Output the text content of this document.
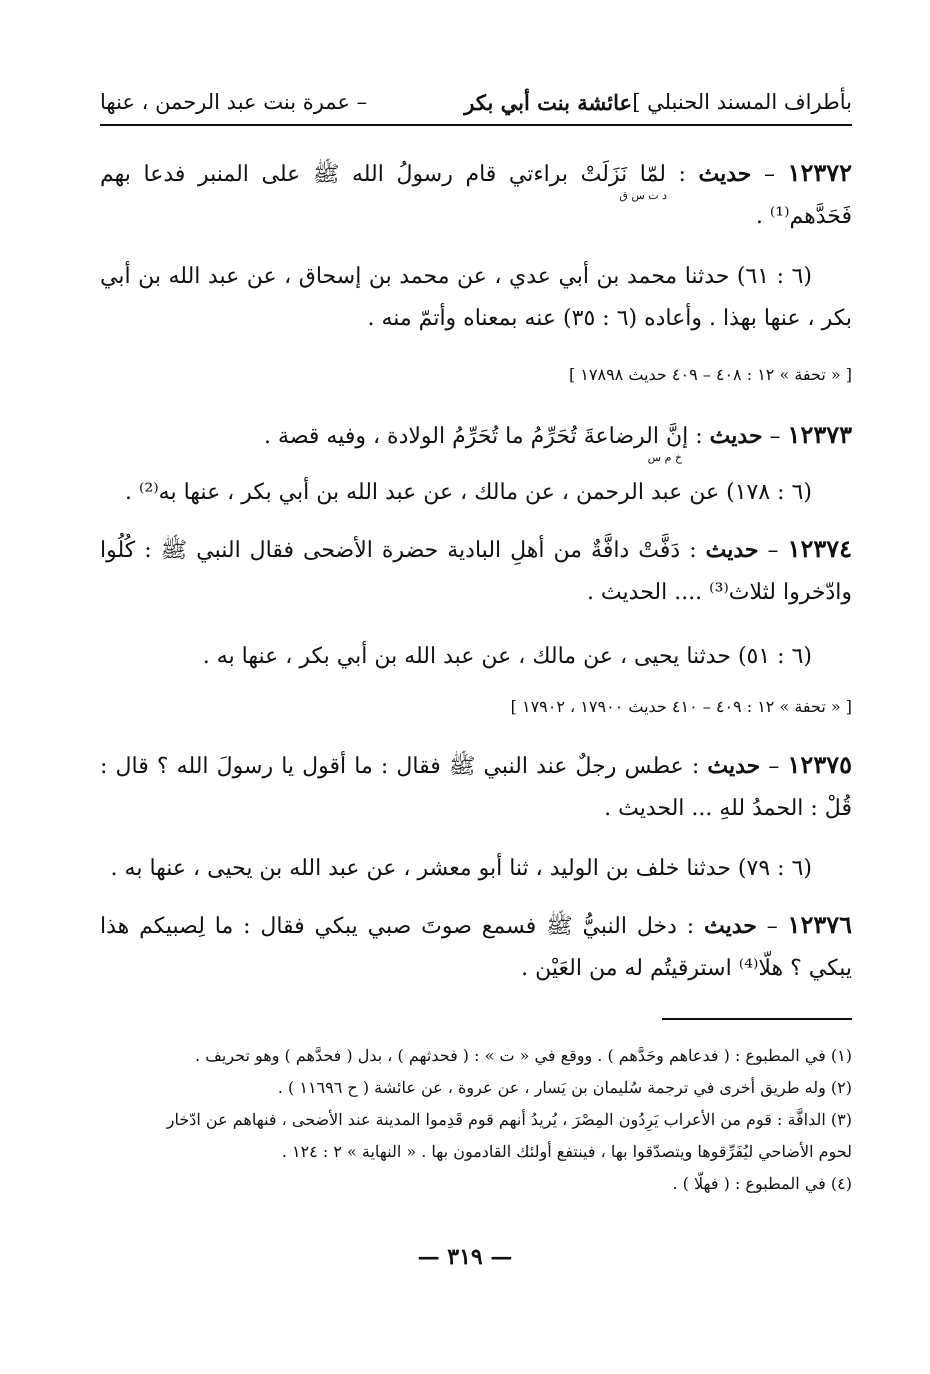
بأطراف المسند الحنبلي ]
عائشة بنت أبي بكر
– عمرة بنت عبد الرحمن ، عنها
١٢٣٧٢ – حديث : لمّا نَزَلَتْ براءتي قام رسولُ الله ﷺ على المنبر فدعا بهم فَحَدَّهم⁽¹⁾ .
د ت س ق
(٦ : ٦١) حدثنا محمد بن أبي عدي ، عن محمد بن إسحاق ، عن عبد الله بن أبي بكر ، عنها بهذا . وأعاده (٦ : ٣٥) عنه بمعناه وأتمّ منه .
[ « تحفة » ١٢ : ٤٠٨ – ٤٠٩ حديث ١٧٨٩٨ ]
١٢٣٧٣ – حديث : إنَّ الرضاعةَ تُحَرِّمُ ما تُحَرِّمُ الولادة ، وفيه قصة .
خ م س
(٦ : ١٧٨) عن عبد الرحمن ، عن مالك ، عن عبد الله بن أبي بكر ، عنها به⁽²⁾ .
١٢٣٧٤ – حديث : دَفَّتْ دافَّةٌ من أهلِ البادية حضرة الأضحى فقال النبي ﷺ : كُلُوا وادّخروا لثلاث⁽³⁾ .... الحديث .
(٦ : ٥١) حدثنا يحيى ، عن مالك ، عن عبد الله بن أبي بكر ، عنها به .
[ « تحفة » ١٢ : ٤٠٩ – ٤١٠ حديث ١٧٩٠٠ ، ١٧٩٠٢ ]
١٢٣٧٥ – حديث : عطس رجلٌ عند النبي ﷺ فقال : ما أقول يا رسولَ الله ؟ قال : قُلْ : الحمدُ للهِ ... الحديث .
(٦ : ٧٩) حدثنا خلف بن الوليد ، ثنا أبو معشر ، عن عبد الله بن يحيى ، عنها به .
١٢٣٧٦ – حديث : دخل النبيُّ ﷺ فسمع صوتَ صبي يبكي فقال : ما لِصبيكم هذا يبكي ؟ هلّا⁽⁴⁾ استرقيتُم له من العَيْن .
(١) في المطبوع : ( فدعاهم وحَدَّهم ) . ووقع في « ت » : ( فحدثهم ) ، بدل ( فحدَّهم ) وهو تحريف .
(٢) وله طريق أخرى في ترجمة سُليمان بن يَسار ، عن عروة ، عن عائشة ( ح ١١٦٩٦ ) .
(٣) الدافَّة : قوم من الأعراب يَرِدُون المِصْرَ ، يُريدُ أنهم قوم قَدِموا المدينة عند الأضحى ، فنهاهم عن ادّخار
لحوم الأضاحي ليُفَرِّقوها ويتصدّقوا بها ، فينتفع أولئك القادمون بها . « النهاية » ٢ : ١٢٤ .
(٤) في المطبوع : ( فهلّا ) .
— ٣١٩ —
